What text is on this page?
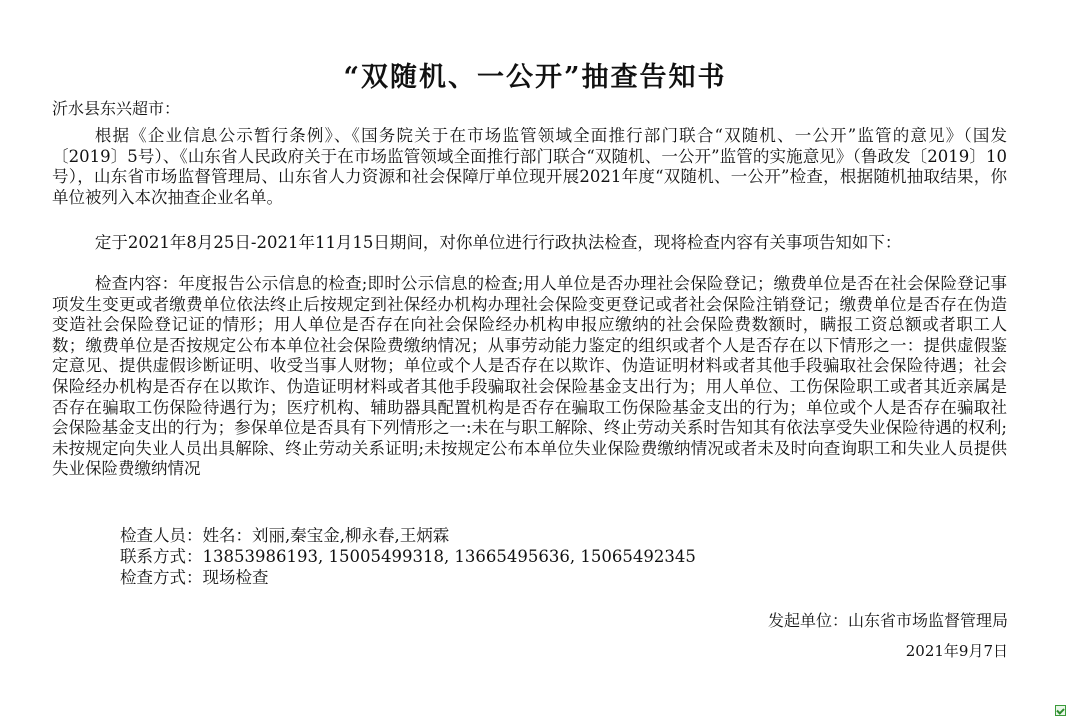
“双随机、一公开”抽查告知书
沂水县东兴超市：

根据《企业信息公示暂行条例》、《国务院关于在市场监管领域全面推行部门联合“双随机、一公开”监管的意见》（国发〔2019〕5号）、《山东省人民政府关于在市场监管领域全面推行部门联合“双随机、一公开”监管的实施意见》（鲁政发〔2019〕10号），山东省市场监督管理局、山东省人力资源和社会保障厅单位现开展2021年度“双随机、一公开”检查，根据随机抽取结果，你单位被列入本次抽查企业名单。

定于2021年8月25日-2021年11月15日期间，对你单位进行行政执法检查，现将检查内容有关事项告知如下：

检查内容：年度报告公示信息的检查;即时公示信息的检查;用人单位是否办理社会保险登记；缴费单位是否在社会保险登记事项发生变更或者缴费单位依法终止后按规定到社保经办机构办理社会保险变更登记或者社会保险注销登记；缴费单位是否存在伪造变造社会保险登记证的情形；用人单位是否存在向社会保险经办机构申报应缴纳的社会保险费数额时，瞒报工资总额或者职工人数；缴费单位是否按规定公布本单位社会保险费缴纳情况；从事劳动能力鉴定的组织或者个人是否存在以下情形之一：提供虚假鉴定意见、提供虚假诊断证明、收受当事人财物；单位或个人是否存在以欺诈、伪造证明材料或者其他手段骗取社会保险待遇；社会保险经办机构是否存在以欺诈、伪造证明材料或者其他手段骗取社会保险基金支出行为；用人单位、工伤保险职工或者其近亲属是否存在骗取工伤保险待遇行为；医疗机构、辅助器具配置机构是否存在骗取工伤保险基金支出的行为；单位或个人是否存在骗取社会保险基金支出的行为；参保单位是否具有下列情形之一:未在与职工解除、终止劳动关系时告知其有依法享受失业保险待遇的权利;未按规定向失业人员出具解除、终止劳动关系证明;未按规定公布本单位失业保险费缴纳情况或者未及时向查询职工和失业人员提供失业保险费缴纳情况

检查人员：姓名：刘丽,秦宝金,柳永春,王炳霖
联系方式：13853986193, 15005499318, 13665495636, 15065492345
检查方式：现场检查
发起单位：山东省市场监督管理局
2021年9月7日
